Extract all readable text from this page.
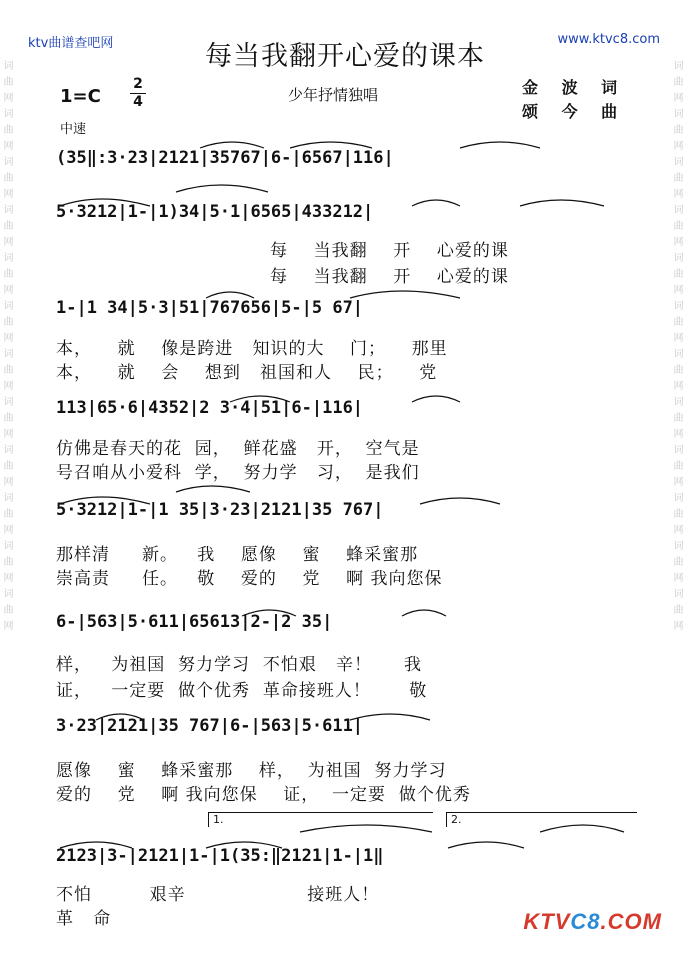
词曲网词曲网词曲网词曲网词曲网词曲网词曲网词曲网词曲网词曲网词曲网词曲网
词曲网词曲网词曲网词曲网词曲网词曲网词曲网词曲网词曲网词曲网词曲网词曲网
ktv曲谱查吧网	www.ktvc8.com
每当我翻开心爱的课本
1=C
2
4	少年抒情独唱	金 波 词
颂 今 曲
中速
(35‖:3·23|2121|35767|6-|6567|116|
5·3212|1-|1)34|5·1|6565|433212|
每    当我翻    开    心爱的课
每    当我翻    开    心爱的课
1-|1 34|5·3|51|767656|5-|5 67|
本，    就    像是跨进   知识的大    门；    那里
本，    就    会    想到   祖国和人    民；    党
113|65·6|4352|2 3·4|51|6-|116|
仿佛是春天的花  园，  鲜花盛   开，  空气是
号召咱从小爱科  学，  努力学   习，  是我们
5·3212|1-|1 35|3·23|2121|35 767|
那样清     新。   我    愿像    蜜    蜂采蜜那
崇高责     任。   敬    爱的    党    啊 我向您保
6-|563|5·611|65613|2-|2 35|
样，   为祖国  努力学习  不怕艰   辛！     我
证，   一定要  做个优秀  革命接班人！      敬
3·23|2121|35 767|6-|563|5·611|
愿像    蜜    蜂采蜜那    样，  为祖国  努力学习
爱的    党    啊 我向您保    证，  一定要  做个优秀
1.	2.
2123|3-|2121|1-|1(35:‖2121|1-|1‖
不怕         艰辛                   接班人！
革   命	KTVC8.COM
